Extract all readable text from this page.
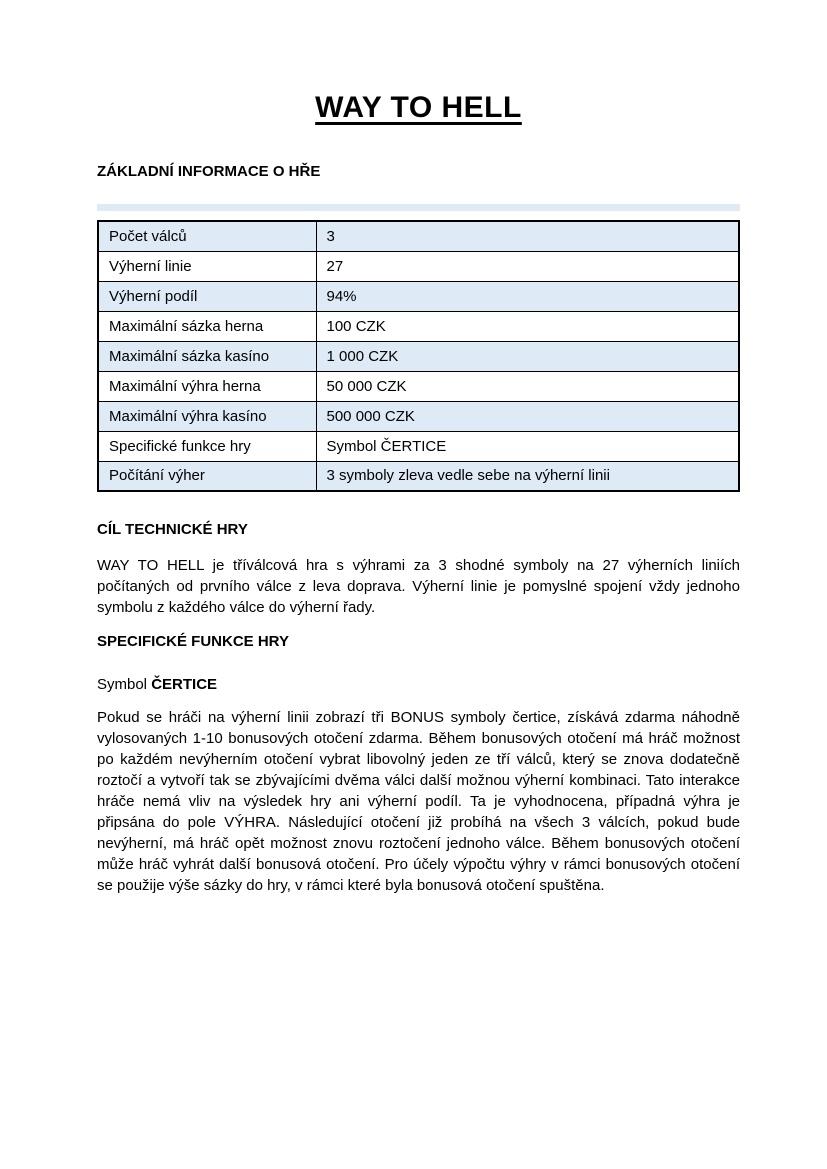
WAY TO HELL
ZÁKLADNÍ INFORMACE O HŘE
Počet válců	3
Výherní linie	27
Výherní podíl	94%
Maximální sázka herna	100 CZK
Maximální sázka kasíno	1 000 CZK
Maximální výhra herna	50 000 CZK
Maximální výhra kasíno	500 000 CZK
Specifické funkce hry	Symbol ČERTICE
Počítání výher	3 symboly zleva vedle sebe na výherní linii
CÍL TECHNICKÉ HRY

WAY TO HELL je tříválcová hra s výhrami za 3 shodné symboly na 27 výherních liniích počítaných od prvního válce z leva doprava. Výherní linie je pomyslné spojení vždy jednoho symbolu z každého válce do výherní řady.

SPECIFICKÉ FUNKCE HRY
Symbol ČERTICE

Pokud se hráči na výherní linii zobrazí tři BONUS symboly čertice, získává zdarma náhodně vylosovaných 1-10 bonusových otočení zdarma. Během bonusových otočení má hráč možnost po každém nevýherním otočení vybrat libovolný jeden ze tří válců, který se znova dodatečně roztočí a vytvoří tak se zbývajícími dvěma válci další možnou výherní kombinaci. Tato interakce hráče nemá vliv na výsledek hry ani výherní podíl. Ta je vyhodnocena, případná výhra je připsána do pole VÝHRA. Následující otočení již probíhá na všech 3 válcích, pokud bude nevýherní, má hráč opět možnost znovu roztočení jednoho válce. Během bonusových otočení může hráč vyhrát další bonusová otočení. Pro účely výpočtu výhry v rámci bonusových otočení se použije výše sázky do hry, v rámci které byla bonusová otočení spuštěna.
